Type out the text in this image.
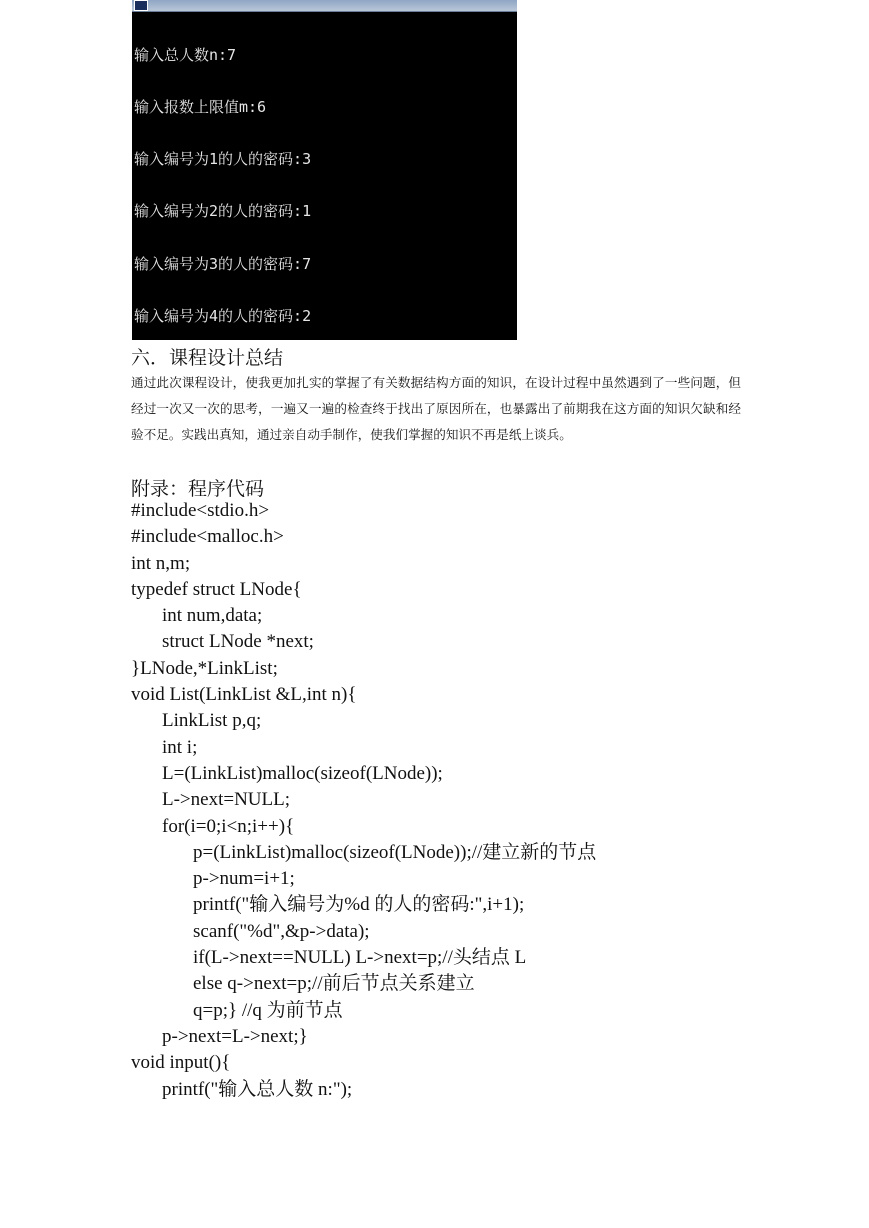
输入总人数n:7

输入报数上限值m:6

输入编号为1的人的密码:3

输入编号为2的人的密码:1

输入编号为3的人的密码:7

输入编号为4的人的密码:2

六．课程设计总结
通过此次课程设计，使我更加扎实的掌握了有关数据结构方面的知识，在设计过程中虽然遇到了一些问题，但经过一次又一次的思考，一遍又一遍的检查终于找出了原因所在，也暴露出了前期我在这方面的知识欠缺和经验不足。实践出真知，通过亲自动手制作，使我们掌握的知识不再是纸上谈兵。
附录：程序代码
#include<stdio.h>
#include<malloc.h>
int n,m;
typedef struct LNode{
int num,data;
struct LNode *next;
}LNode,*LinkList;
void List(LinkList &L,int n){
LinkList p,q;
int i;
L=(LinkList)malloc(sizeof(LNode));
L->next=NULL;
for(i=0;i<n;i++){
p=(LinkList)malloc(sizeof(LNode));//建立新的节点
p->num=i+1;
printf("输入编号为%d 的人的密码:",i+1);
scanf("%d",&p->data);
if(L->next==NULL) L->next=p;//头结点 L
else q->next=p;//前后节点关系建立
q=p;} //q 为前节点
p->next=L->next;}
void input(){
printf("输入总人数 n:");
